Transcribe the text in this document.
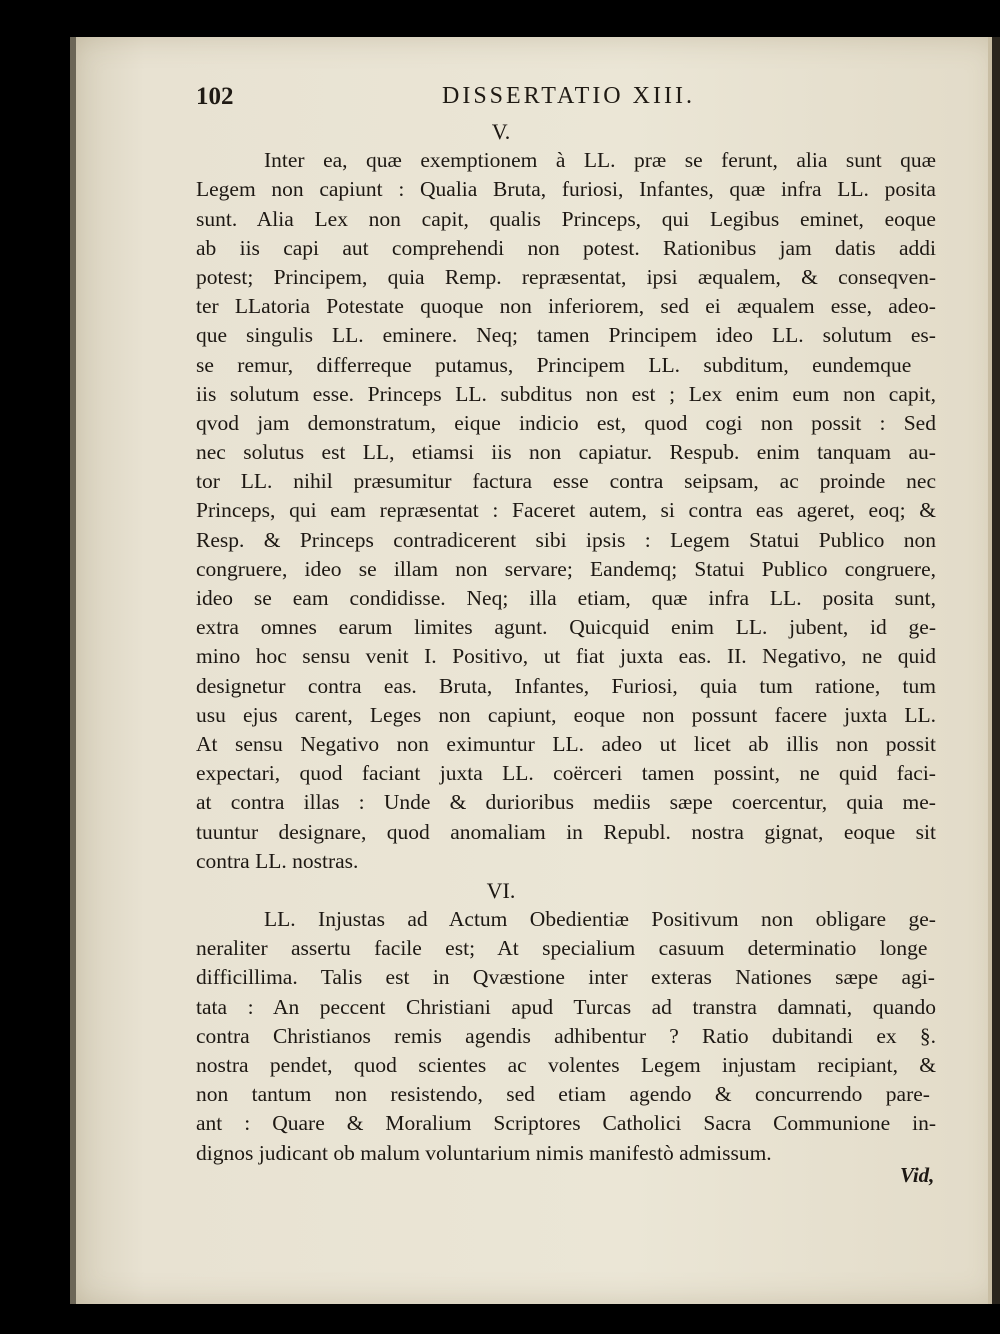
102	DISSERTATIO XIII.
V.
Inter ea, quæ exemptionem à LL. præ se ferunt, alia sunt quæ
Legem non capiunt : Qualia Bruta, furiosi, Infantes, quæ infra LL. posita
sunt. Alia Lex non capit, qualis Princeps, qui Legibus eminet, eoque
ab iis capi aut comprehendi non potest. Rationibus jam datis addi
potest; Principem, quia Remp. repræsentat, ipsi æqualem, & conseqven-
ter LLatoria Potestate quoque non inferiorem, sed ei æqualem esse, adeo-
que singulis LL. eminere. Neq; tamen Principem ideo LL. solutum es-
se remur, differreque putamus, Principem LL. subditum, eundemque
iis solutum esse. Princeps LL. subditus non est ; Lex enim eum non capit,
qvod jam demonstratum, eique indicio est, quod cogi non possit : Sed
nec solutus est LL, etiamsi iis non capiatur. Respub. enim tanquam au-
tor LL. nihil præsumitur factura esse contra seipsam, ac proinde nec
Princeps, qui eam repræsentat : Faceret autem, si contra eas ageret, eoq; &
Resp. & Princeps contradicerent sibi ipsis : Legem Statui Publico non
congruere, ideo se illam non servare; Eandemq; Statui Publico congruere,
ideo se eam condidisse. Neq; illa etiam, quæ infra LL. posita sunt,
extra omnes earum limites agunt. Quicquid enim LL. jubent, id ge-
mino hoc sensu venit I. Positivo, ut fiat juxta eas. II. Negativo, ne quid
designetur contra eas. Bruta, Infantes, Furiosi, quia tum ratione, tum
usu ejus carent, Leges non capiunt, eoque non possunt facere juxta LL.
At sensu Negativo non eximuntur LL. adeo ut licet ab illis non possit
expectari, quod faciant juxta LL. coërceri tamen possint, ne quid faci-
at contra illas : Unde & durioribus mediis sæpe coercentur, quia me-
tuuntur designare, quod anomaliam in Republ. nostra gignat, eoque sit
contra LL. nostras.
VI.
LL. Injustas ad Actum Obedientiæ Positivum non obligare ge-
neraliter assertu facile est; At specialium casuum determinatio longe
difficillima. Talis est in Qvæstione inter exteras Nationes sæpe agi-
tata : An peccent Christiani apud Turcas ad transtra damnati, quando
contra Christianos remis agendis adhibentur ? Ratio dubitandi ex §.
nostra pendet, quod scientes ac volentes Legem injustam recipiant, &
non tantum non resistendo, sed etiam agendo & concurrendo pare-
ant : Quare & Moralium Scriptores Catholici Sacra Communione in-
dignos judicant ob malum voluntarium nimis manifestò admissum.
Vid,
